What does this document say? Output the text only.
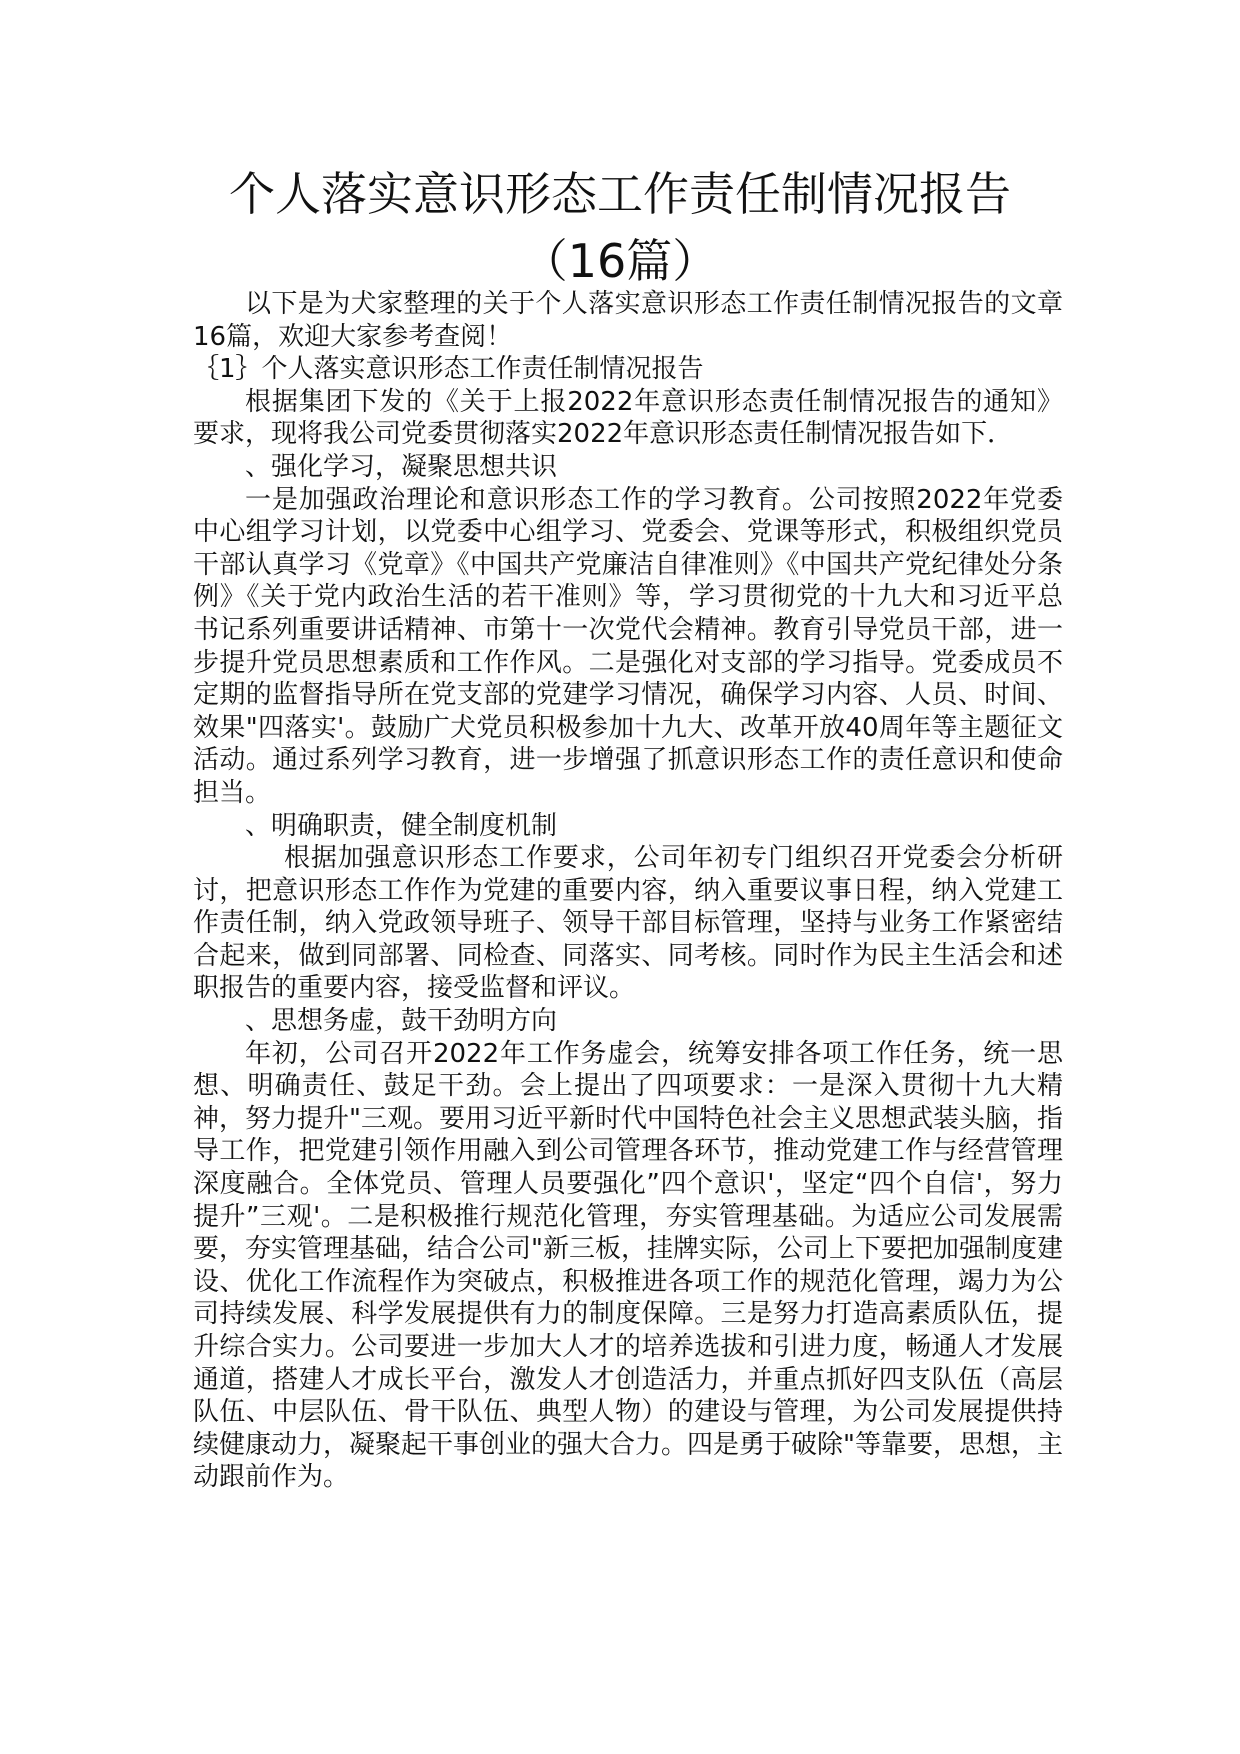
个人落实意识形态工作责任制情况报告
（16篇）

以下是为犬家整理的关于个人落实意识形态工作责任制情况报告的文章16篇，欢迎大家参考查阅！

｛1｝个人落实意识形态工作责任制情况报告

根据集团下发的《关于上报2022年意识形态责任制情况报告的通知》要求，现将我公司党委贯彻落实2022年意识形态责任制情况报告如下．

、强化学习，凝聚思想共识

一是加强政治理论和意识形态工作的学习教育。公司按照2022年党委中心组学习计划，以党委中心组学习、党委会、党课等形式，积极组织党员干部认真学习《党章》《中国共产党廉洁自律准则》《中国共产党纪律处分条例》《关于党内政治生活的若干准则》等，学习贯彻党的十九大和习近平总书记系列重要讲话精神、市第十一次党代会精神。教育引导党员干部，进一步提升党员思想素质和工作作风。二是强化对支部的学习指导。党委成员不定期的监督指导所在党支部的党建学习情况，确保学习内容、人员、时间、效果"四落实'。鼓励广犬党员积极参加十九大、改革开放40周年等主题征文活动。通过系列学习教育，进一步增强了抓意识形态工作的责任意识和使命担当。

、明确职责，健全制度机制

根据加强意识形态工作要求，公司年初专门组织召开党委会分析研讨，把意识形态工作作为党建的重要内容，纳入重要议事日程，纳入党建工作责任制，纳入党政领导班子、领导干部目标管理，坚持与业务工作紧密结合起来，做到同部署、同检查、同落实、同考核。同时作为民主生活会和述职报告的重要内容，接受监督和评议。

、思想务虚，鼓干劲明方向

年初，公司召开2022年工作务虚会，统筹安排各项工作任务，统一思想、明确责任、鼓足干劲。会上提出了四项要求：一是深入贯彻十九大精神，努力提升"三观。要用习近平新时代中国特色社会主义思想武装头脑，指导工作，把党建引领作用融入到公司管理各环节，推动党建工作与经营管理深度融合。全体党员、管理人员要强化”四个意识'，坚定“四个自信'，努力提升”三观'。二是积极推行规范化管理，夯实管理基础。为适应公司发展需要，夯实管理基础，结合公司"新三板，挂牌实际，公司上下要把加强制度建设、优化工作流程作为突破点，积极推进各项工作的规范化管理，竭力为公司持续发展、科学发展提供有力的制度保障。三是努力打造高素质队伍，提升综合实力。公司要进一步加大人才的培养选拔和引进力度，畅通人才发展通道，搭建人才成长平台，激发人才创造活力，并重点抓好四支队伍（高层队伍、中层队伍、骨干队伍、典型人物）的建设与管理，为公司发展提供持续健康动力，凝聚起干事创业的强大合力。四是勇于破除"等靠要，思想，主动跟前作为。
